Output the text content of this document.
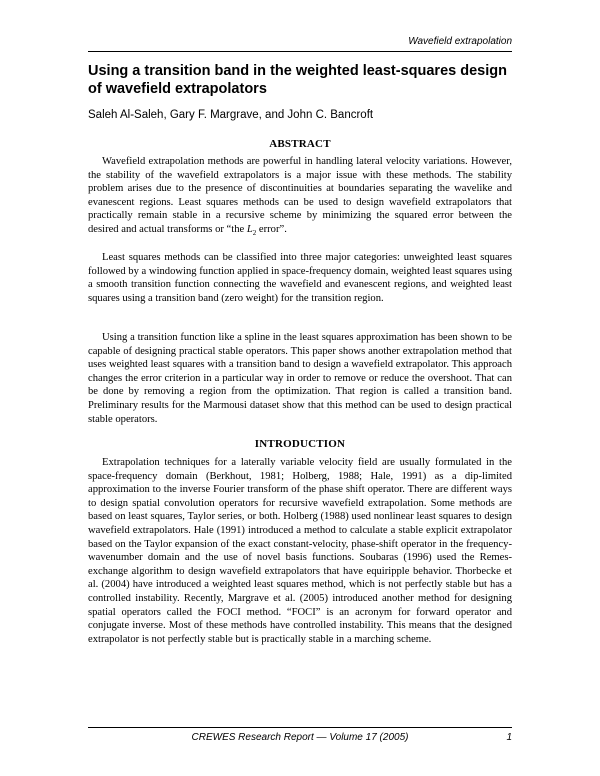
Wavefield extrapolation
Using a transition band in the weighted least-squares design of wavefield extrapolators
Saleh Al-Saleh, Gary F. Margrave, and John C. Bancroft
ABSTRACT

Wavefield extrapolation methods are powerful in handling lateral velocity variations. However, the stability of the wavefield extrapolators is a major issue with these methods. The stability problem arises due to the presence of discontinuities at boundaries separating the wavelike and evanescent regions. Least squares methods can be used to design wavefield extrapolators that practically remain stable in a recursive scheme by minimizing the squared error between the desired and actual transforms or “the $L_2$ error”.

Least squares methods can be classified into three major categories: unweighted least squares followed by a windowing function applied in space-frequency domain, weighted least squares using a smooth transition function connecting the wavefield and evanescent regions, and weighted least squares using a transition band (zero weight) for the transition region.

Using a transition function like a spline in the least squares approximation has been shown to be capable of designing practical stable operators. This paper shows another extrapolation method that uses weighted least squares with a transition band to design a wavefield extrapolator. This approach changes the error criterion in a particular way in order to remove or reduce the overshoot. That can be done by removing a region from the optimization. That region is called a transition band. Preliminary results for the Marmousi dataset show that this method can be used to design practical stable operators.

INTRODUCTION

Extrapolation techniques for a laterally variable velocity field are usually formulated in the space-frequency domain (Berkhout, 1981; Holberg, 1988; Hale, 1991) as a dip-limited approximation to the inverse Fourier transform of the phase shift operator. There are different ways to design spatial convolution operators for recursive wavefield extrapolation. Some methods are based on least squares, Taylor series, or both. Holberg (1988) used nonlinear least squares to design wavefield extrapolators. Hale (1991) introduced a method to calculate a stable explicit extrapolator based on the Taylor expansion of the exact constant-velocity, phase-shift operator in the frequency-wavenumber domain and the use of novel basis functions. Soubaras (1996) used the Remes-exchange algorithm to design wavefield extrapolators that have equiripple behavior. Thorbecke et al. (2004) have introduced a weighted least squares method, which is not perfectly stable but has a controlled instability. Recently, Margrave et al. (2005) introduced another method for designing spatial operators called the FOCI method. “FOCI” is an acronym for forward operator and conjugate inverse. Most of these methods have controlled instability. This means that the designed extrapolator is not perfectly stable but is practically stable in a marching scheme.

CREWES Research Report — Volume 17 (2005)	1
